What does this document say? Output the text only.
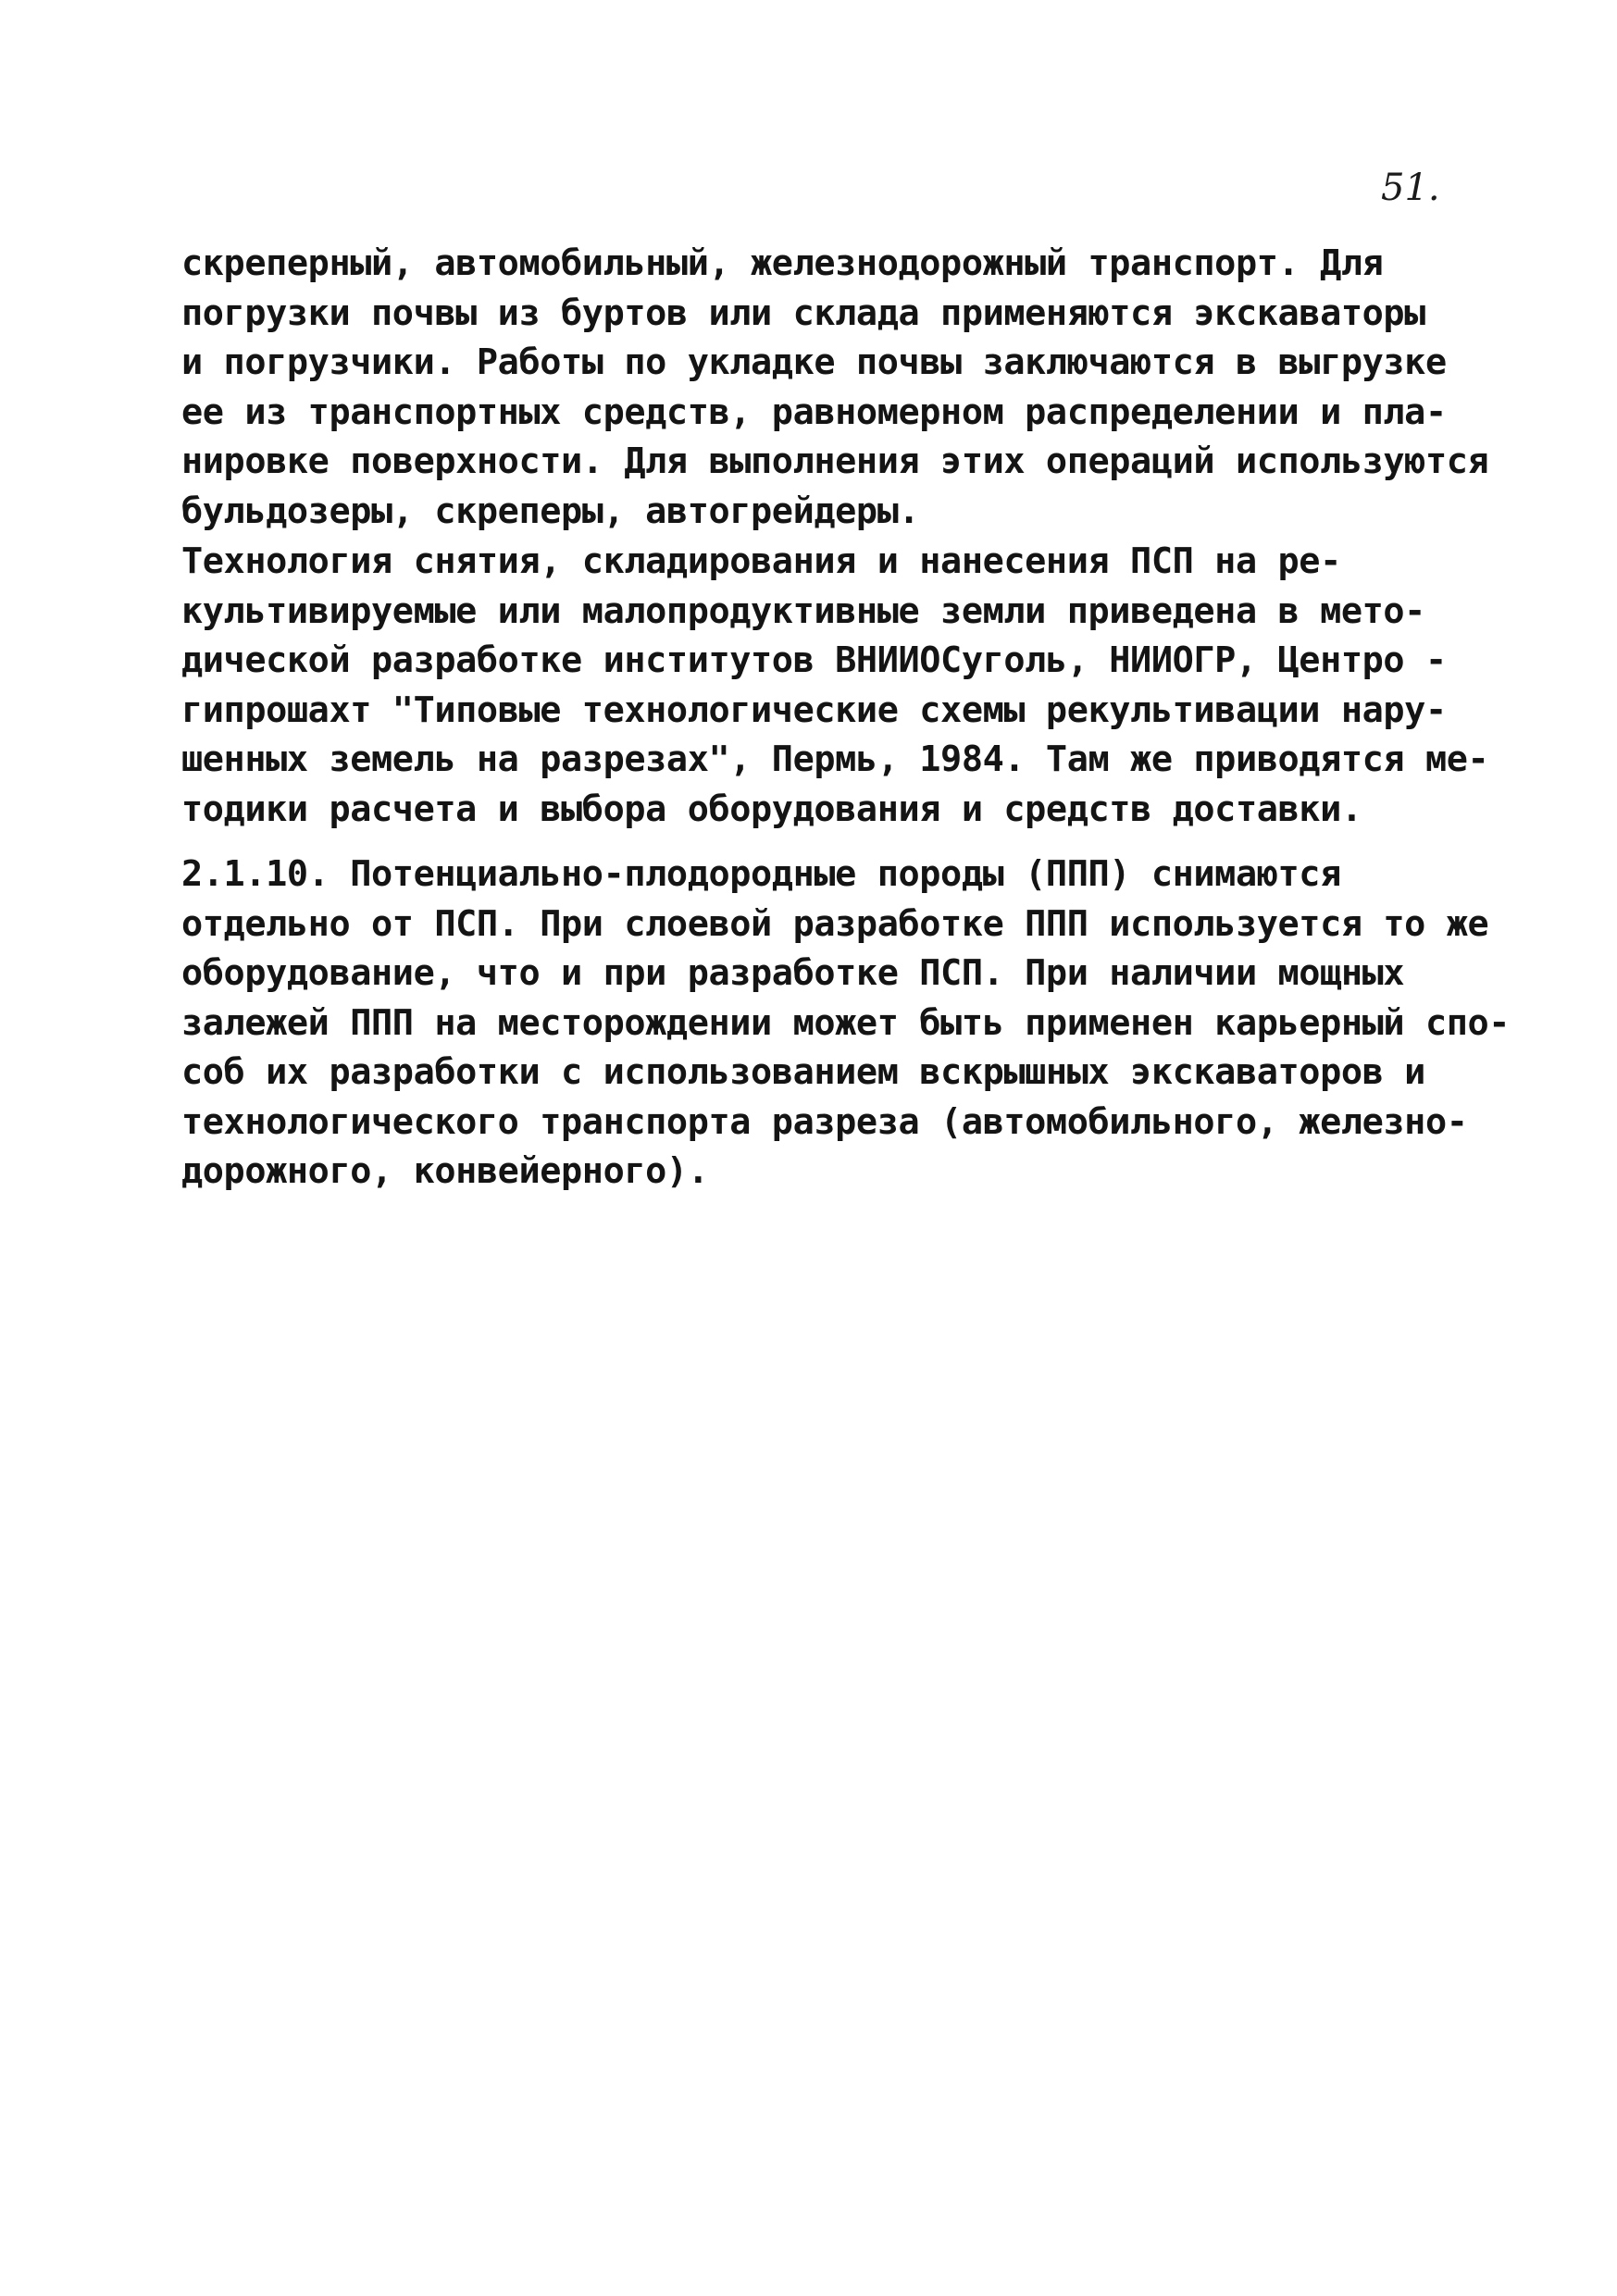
51.
скреперный, автомобильный, железнодорожный транспорт. Для
погрузки почвы из буртов или склада применяются экскаваторы
и погрузчики. Работы по укладке почвы заключаются в выгрузке
ее из транспортных средств, равномерном распределении и пла-
нировке поверхности. Для выполнения этих операций используются
бульдозеры, скреперы, автогрейдеры.
Технология снятия, складирования и нанесения ПСП на ре-
культивируемые или малопродуктивные земли приведена в мето-
дической разработке институтов ВНИИОСуголь, НИИОГР, Центро -
гипрошахт "Типовые технологические схемы рекультивации нару-
шенных земель на разрезах", Пермь, 1984. Там же приводятся ме-
тодики расчета и выбора оборудования и средств доставки.
2.1.10. Потенциально-плодородные породы (ППП) снимаются
отдельно от ПСП. При слоевой разработке ППП используется то же
оборудование, что и при разработке ПСП. При наличии мощных
залежей ППП на месторождении может быть применен карьерный спо-
соб их разработки с использованием вскрышных экскаваторов и
технологического транспорта разреза (автомобильного, железно-
дорожного, конвейерного).
